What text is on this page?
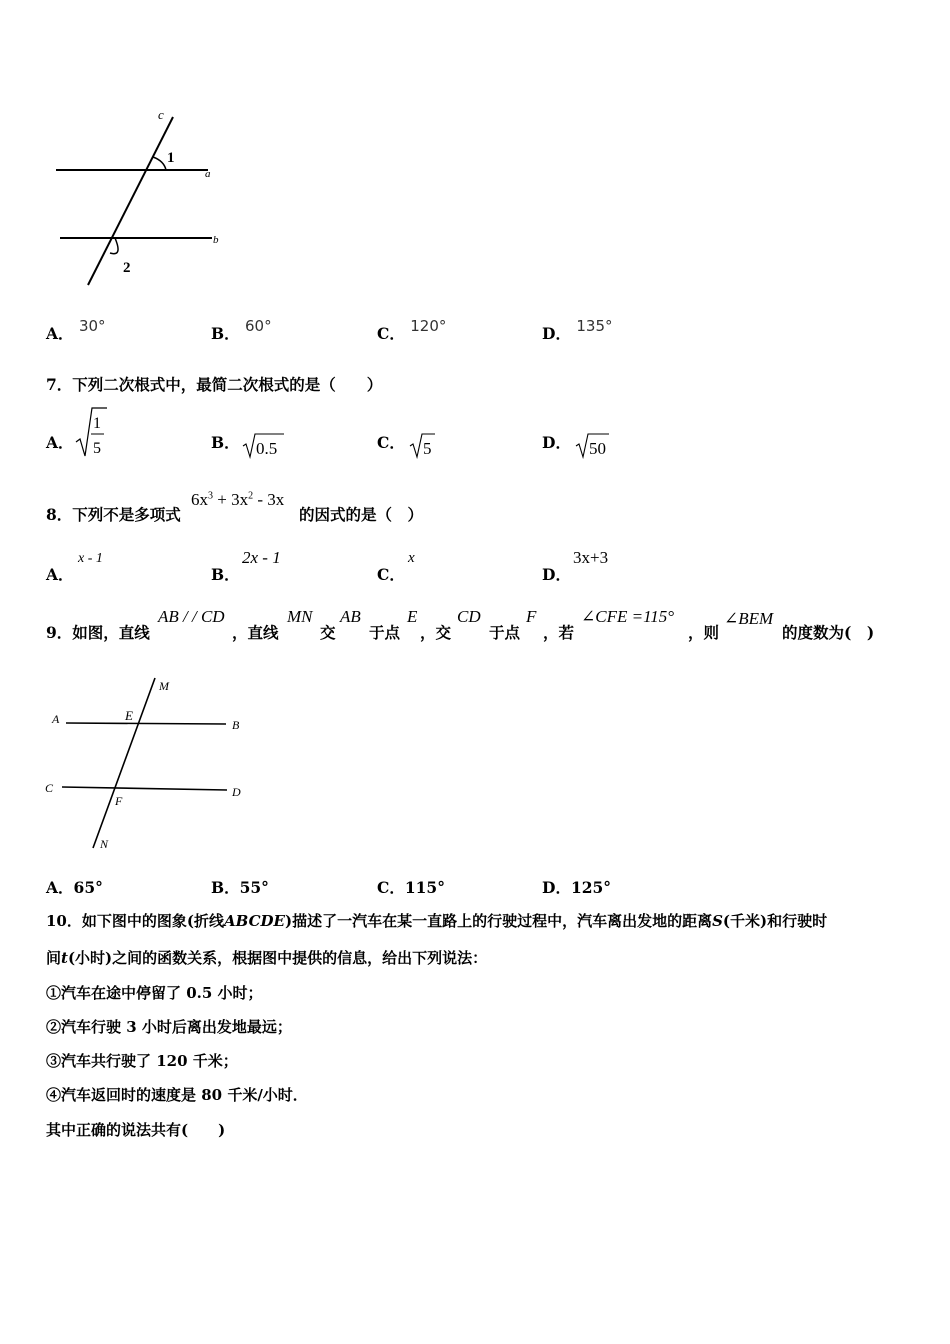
c
a
b
1
2
A． 30°	B． 60°	C． 120°	D． 135°
7．下列二次根式中，最简二次根式的是（　　）
A．
1
5	B． 0.5	C． 5	D． 50
8．下列不是多项式
$6x^3 + 3x^2 - 3x$
的因式的是（　）
A．
x - 1
B．
2x - 1
C．
x
D．
3x+3
9．如图，直线
AB / / CD
，直线
MN
交
AB
于点
E
，交
CD
于点
F
，若
∠CFE =115°
，则
∠BEM
的度数为(　)
M
A	E
B
C
F
D
N
A．65°	B．55°	C．115°	D．125°
10．如下图中的图象(折线ABCDE)描述了一汽车在某一直路上的行驶过程中，汽车离出发地的距离S(千米)和行驶时
间t(小时)之间的函数关系，根据图中提供的信息，给出下列说法：
①汽车在途中停留了 0.5 小时；
②汽车行驶 3 小时后离出发地最远；
③汽车共行驶了 120 千米；
④汽车返回时的速度是 80 千米/小时．
其中正确的说法共有(　　)
